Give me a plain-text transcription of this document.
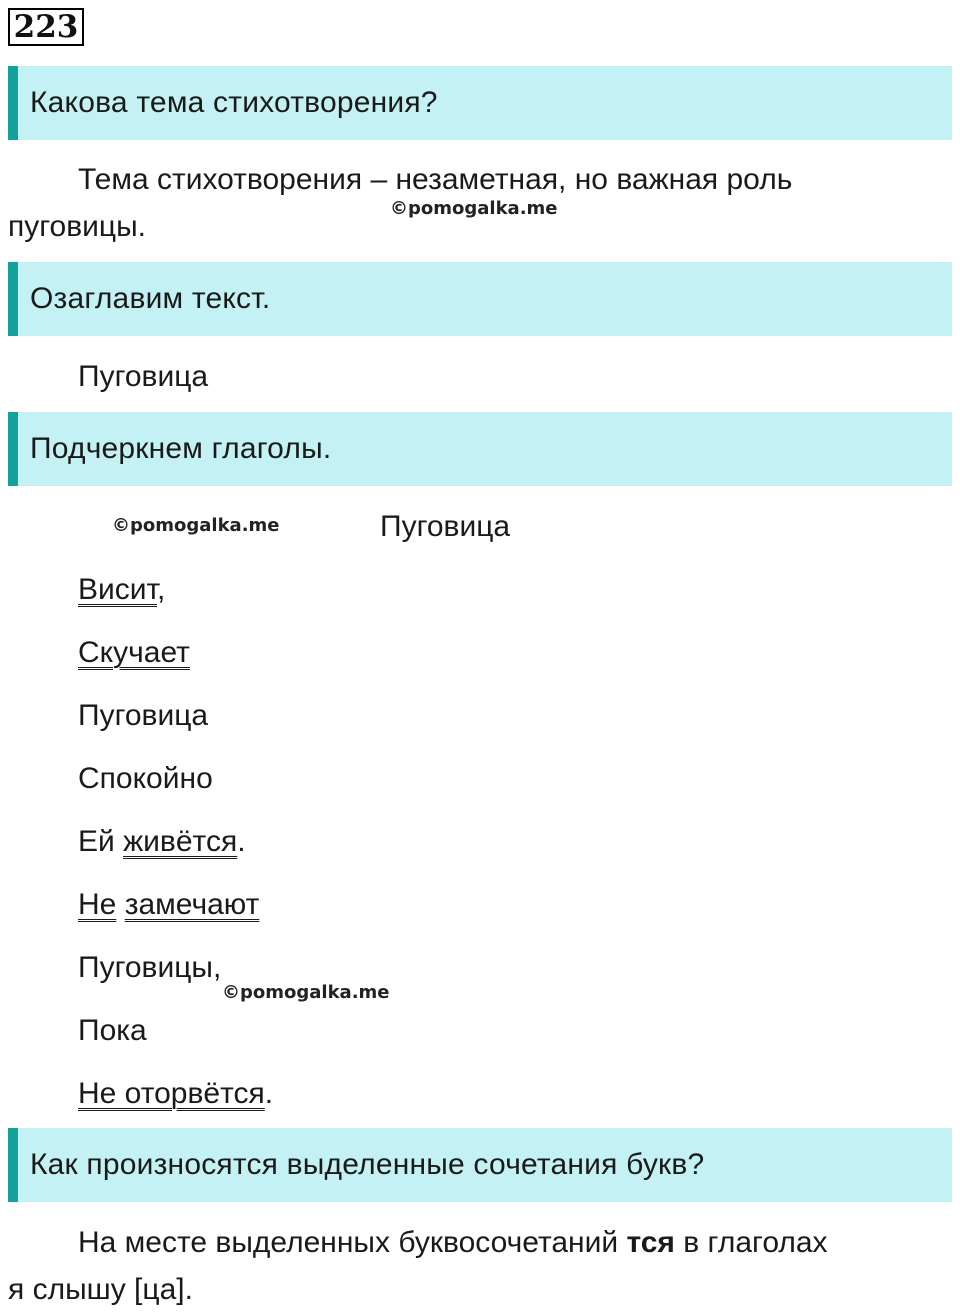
223
Какова тема стихотворения?
Тема стихотворения – незаметная, но важная роль
©pomogalka.me
пуговицы.
Озаглавим текст.
Пуговица
Подчеркнем глаголы.
©pomogalka.me	Пуговица
Висит,
Скучает
Пуговица
Спокойно
Ей живётся.
Не замечают
Пуговицы,
©pomogalka.me
Пока
Не оторвётся.
Как произносятся выделенные сочетания букв?
На месте выделенных буквосочетаний тся в глаголах
я слышу [ца].
